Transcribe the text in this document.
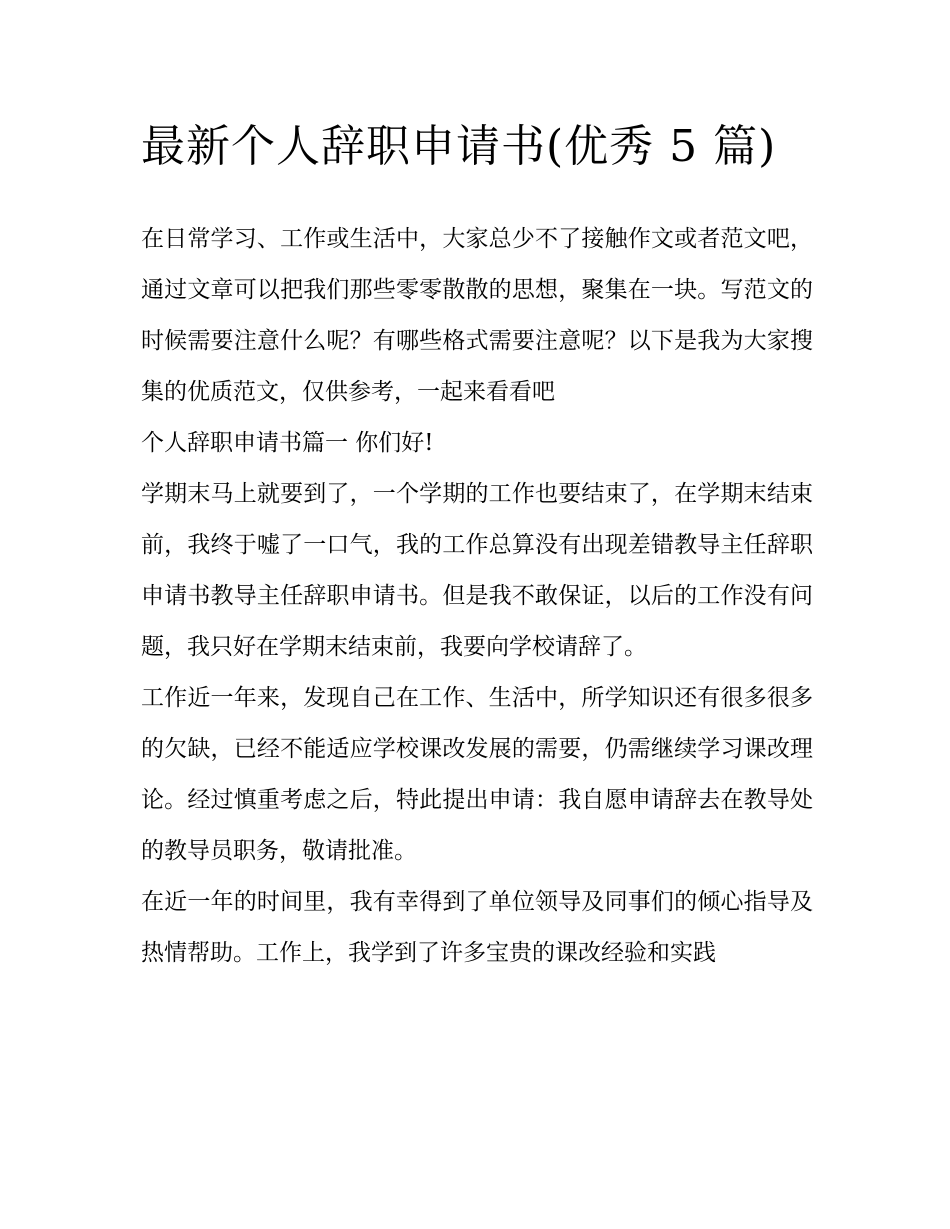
最新个人辞职申请书(优秀 5 篇)

在日常学习、工作或生活中，大家总少不了接触作文或者范文吧，通过文章可以把我们那些零零散散的思想，聚集在一块。写范文的时候需要注意什么呢？有哪些格式需要注意呢？以下是我为大家搜集的优质范文，仅供参考，一起来看看吧

个人辞职申请书篇一 你们好!

学期末马上就要到了，一个学期的工作也要结束了，在学期末结束前，我终于嘘了一口气，我的工作总算没有出现差错教导主任辞职申请书教导主任辞职申请书。但是我不敢保证，以后的工作没有问题，我只好在学期末结束前，我要向学校请辞了。

工作近一年来，发现自己在工作、生活中，所学知识还有很多很多的欠缺，已经不能适应学校课改发展的需要，仍需继续学习课改理论。经过慎重考虑之后，特此提出申请：我自愿申请辞去在教导处的教导员职务，敬请批准。

在近一年的时间里，我有幸得到了单位领导及同事们的倾心指导及热情帮助。工作上，我学到了许多宝贵的课改经验和实践
